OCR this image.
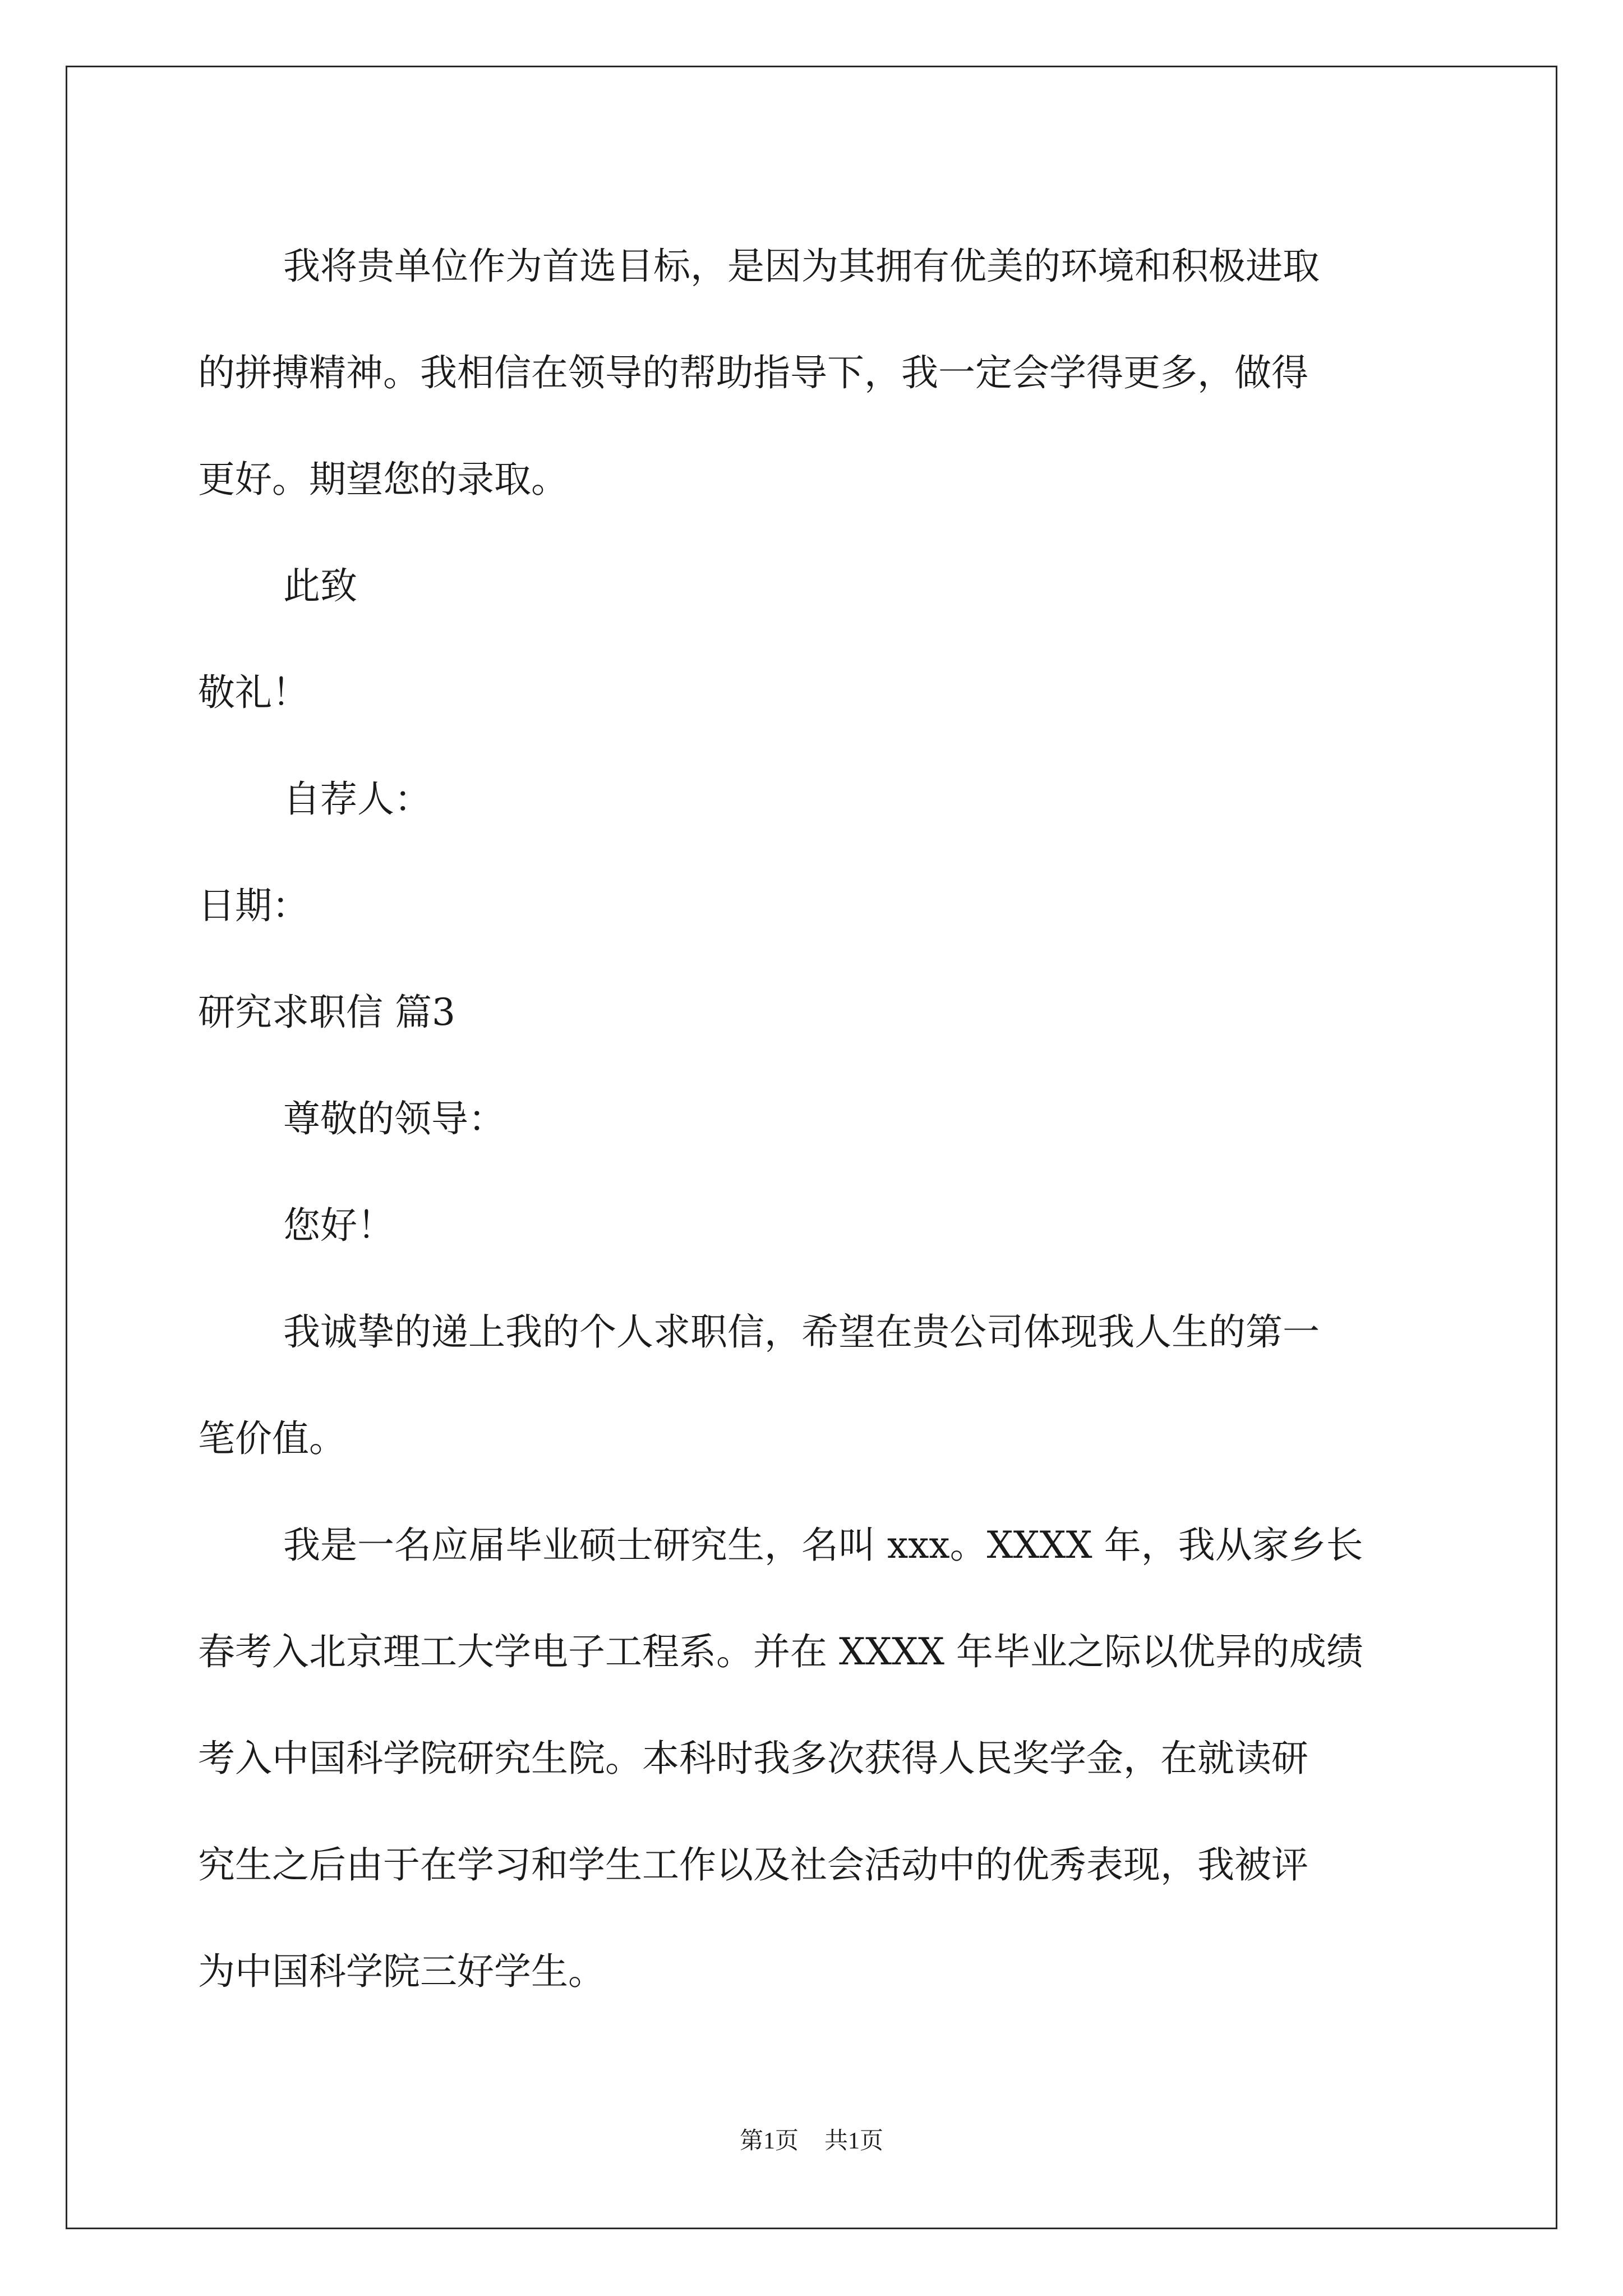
我将贵单位作为首选目标，是因为其拥有优美的环境和积极进取
的拼搏精神。我相信在领导的帮助指导下，我一定会学得更多，做得
更好。期望您的录取。
此致
敬礼！
自荐人：
日期：
研究求职信 篇3
尊敬的领导：
您好！
我诚挚的递上我的个人求职信，希望在贵公司体现我人生的第一
笔价值。
我是一名应届毕业硕士研究生，名叫 xxx。XXXX 年，我从家乡长
春考入北京理工大学电子工程系。并在 XXXX 年毕业之际以优异的成绩
考入中国科学院研究生院。本科时我多次获得人民奖学金，在就读研
究生之后由于在学习和学生工作以及社会活动中的优秀表现，我被评
为中国科学院三好学生。
第1页 共1页
